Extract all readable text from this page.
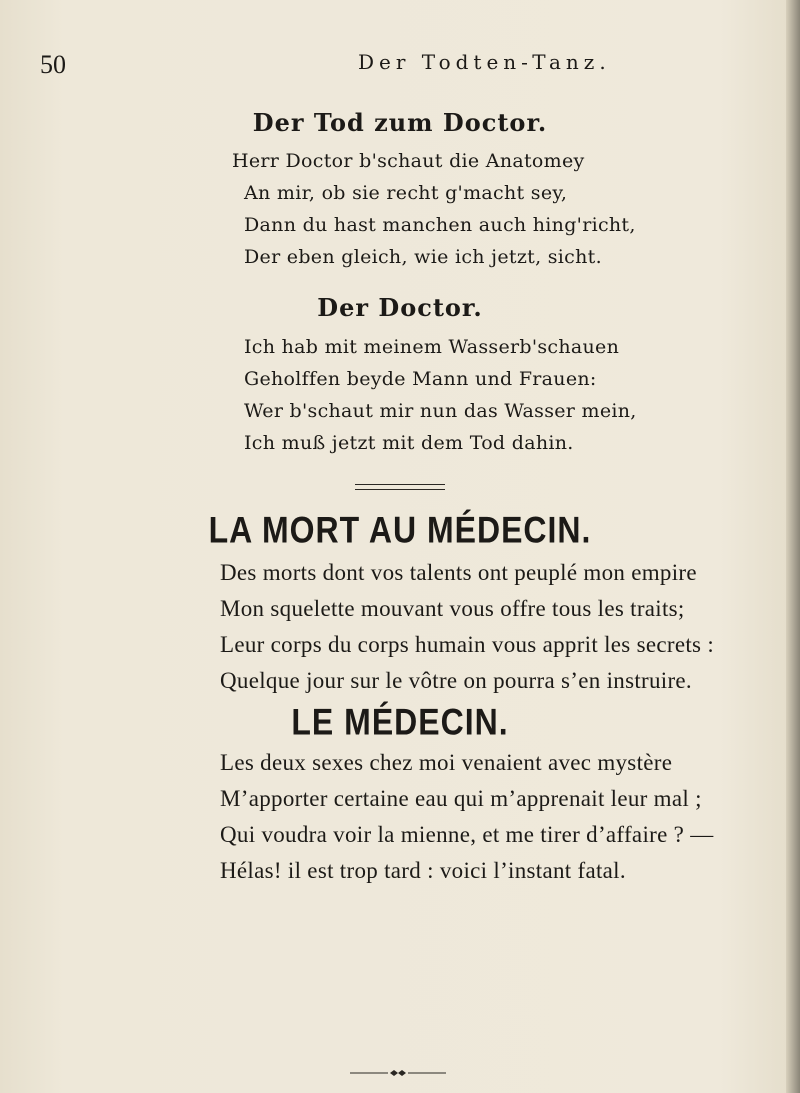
50	Der Todten-Tanz.
Der Tod zum Doctor.
Herr Doctor b'schaut die Anatomey
An mir, ob sie recht g'macht sey,
Dann du hast manchen auch hing'richt,
Der eben gleich, wie ich jetzt, sicht.
Der Doctor.
Ich hab mit meinem Wasserb'schauen
Geholffen beyde Mann und Frauen:
Wer b'schaut mir nun das Wasser mein,
Ich muß jetzt mit dem Tod dahin.
LA MORT AU MÉDECIN.
Des morts dont vos talents ont peuplé mon empire
Mon squelette mouvant vous offre tous les traits;
Leur corps du corps humain vous apprit les secrets :
Quelque jour sur le vôtre on pourra s’en instruire.
LE MÉDECIN.
Les deux sexes chez moi venaient avec mystère
M’apporter certaine eau qui m’apprenait leur mal ;
Qui voudra voir la mienne, et me tirer d’affaire ? —
Hélas! il est trop tard : voici l’instant fatal.
